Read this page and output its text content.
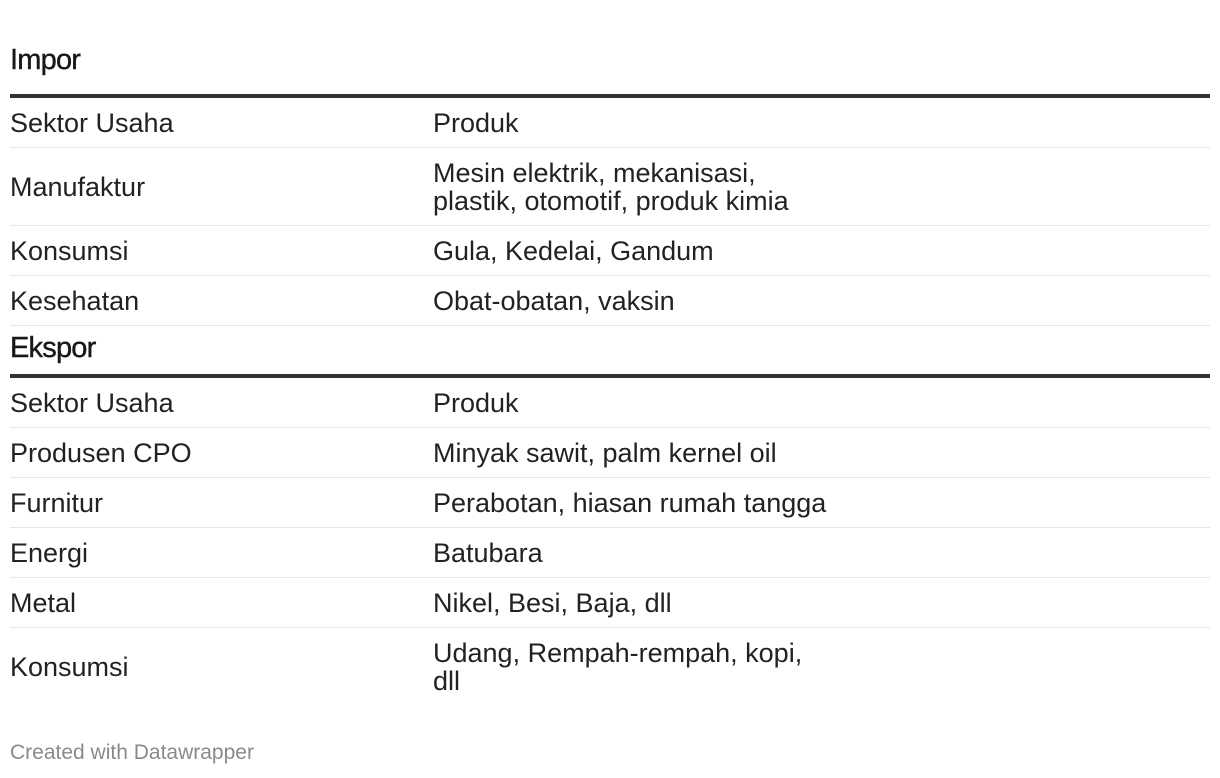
Impor
Sektor Usaha	Produk
Manufaktur	Mesin elektrik, mekanisasi,
plastik, otomotif, produk kimia
Konsumsi	Gula, Kedelai, Gandum
Kesehatan	Obat-obatan, vaksin
Ekspor
Sektor Usaha	Produk
Produsen CPO	Minyak sawit, palm kernel oil
Furnitur	Perabotan, hiasan rumah tangga
Energi	Batubara
Metal	Nikel, Besi, Baja, dll
Konsumsi	Udang, Rempah-rempah, kopi,
dll
Created with Datawrapper
